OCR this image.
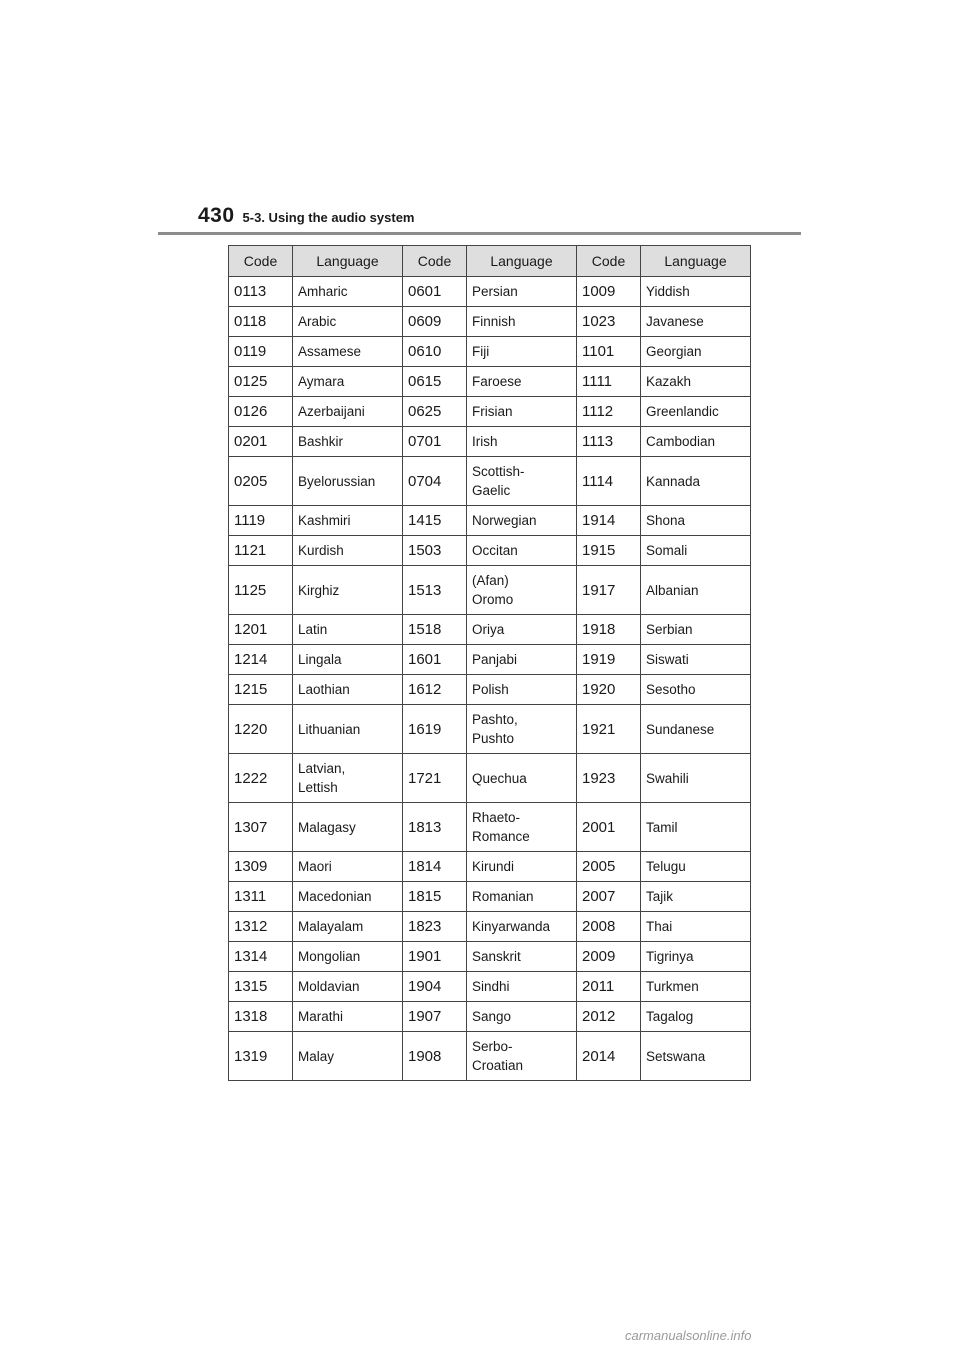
430 5-3. Using the audio system
Code	Language	Code	Language	Code	Language
0113	Amharic	0601	Persian	1009	Yiddish
0118	Arabic	0609	Finnish	1023	Javanese
0119	Assamese	0610	Fiji	1101	Georgian
0125	Aymara	0615	Faroese	1111	Kazakh
0126	Azerbaijani	0625	Frisian	1112	Greenlandic
0201	Bashkir	0701	Irish	1113	Cambodian
0205	Byelorussian	0704	Scottish-
Gaelic	1114	Kannada
1119	Kashmiri	1415	Norwegian	1914	Shona
1121	Kurdish	1503	Occitan	1915	Somali
1125	Kirghiz	1513	(Afan)
Oromo	1917	Albanian
1201	Latin	1518	Oriya	1918	Serbian
1214	Lingala	1601	Panjabi	1919	Siswati
1215	Laothian	1612	Polish	1920	Sesotho
1220	Lithuanian	1619	Pashto,
Pushto	1921	Sundanese
1222	Latvian,
Lettish	1721	Quechua	1923	Swahili
1307	Malagasy	1813	Rhaeto-
Romance	2001	Tamil
1309	Maori	1814	Kirundi	2005	Telugu
1311	Macedonian	1815	Romanian	2007	Tajik
1312	Malayalam	1823	Kinyarwanda	2008	Thai
1314	Mongolian	1901	Sanskrit	2009	Tigrinya
1315	Moldavian	1904	Sindhi	2011	Turkmen
1318	Marathi	1907	Sango	2012	Tagalog
1319	Malay	1908	Serbo-
Croatian	2014	Setswana
carmanualsonline.info
